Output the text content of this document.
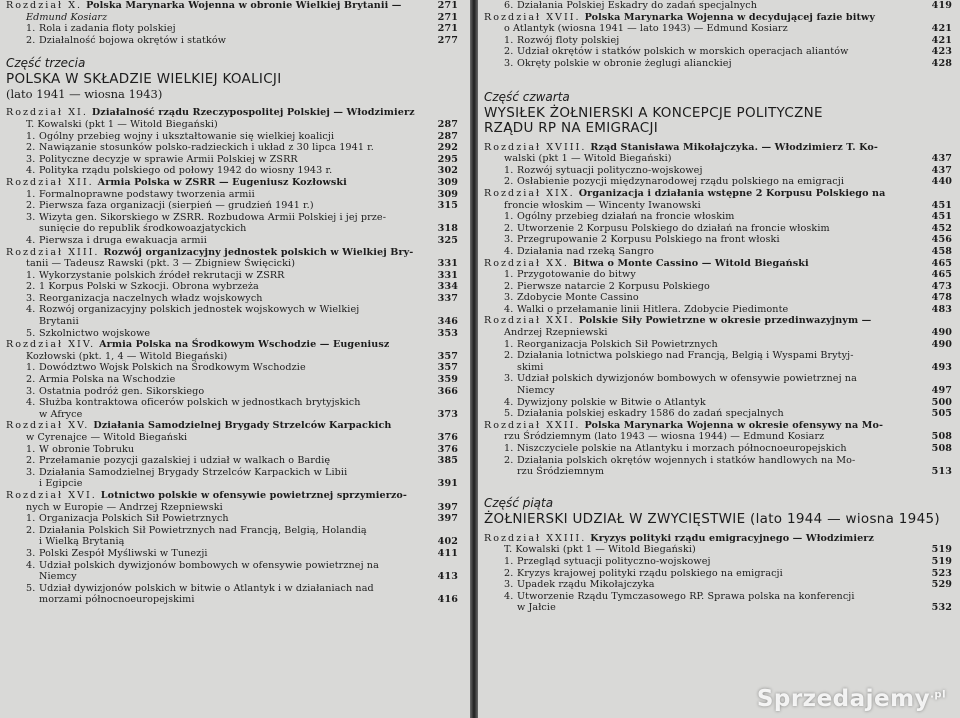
Rozdział X. Polska Marynarka Wojenna w obronie Wielkiej Brytanii —	271
Edmund Kosiarz	271
1. Rola i zadania floty polskiej	271
2. Działalność bojowa okrętów i statków	277
Część trzecia
POLSKA W SKŁADZIE WIELKIEJ KOALICJI
(lato 1941 — wiosna 1943)
Rozdział XI. Działalność rządu Rzeczypospolitej Polskiej — Włodzimierz
T. Kowalski (pkt 1 — Witold Biegański)	287
1. Ogólny przebieg wojny i ukształtowanie się wielkiej koalicji	287
2. Nawiązanie stosunków polsko-radzieckich i układ z 30 lipca 1941 r.	292
3. Polityczne decyzje w sprawie Armii Polskiej w ZSRR	295
4. Polityka rządu polskiego od połowy 1942 do wiosny 1943 r.	302
Rozdział XII. Armia Polska w ZSRR — Eugeniusz Kozłowski	309
1. Formalnoprawne podstawy tworzenia armii	309
2. Pierwsza faza organizacji (sierpień — grudzień 1941 r.)	315
3. Wizyta gen. Sikorskiego w ZSRR. Rozbudowa Armii Polskiej i jej prze-
sunięcie do republik środkowoazjatyckich	318
4. Pierwsza i druga ewakuacja armii	325
Rozdział XIII. Rozwój organizacyjny jednostek polskich w Wielkiej Bry-
tanii — Tadeusz Rawski (pkt. 3 — Zbigniew Święcicki)	331
1. Wykorzystanie polskich źródeł rekrutacji w ZSRR	331
2. 1 Korpus Polski w Szkocji. Obrona wybrzeża	334
3. Reorganizacja naczelnych władz wojskowych	337
4. Rozwój organizacyjny polskich jednostek wojskowych w Wielkiej
Brytanii	346
5. Szkolnictwo wojskowe	353
Rozdział XIV. Armia Polska na Środkowym Wschodzie — Eugeniusz
Kozłowski (pkt. 1, 4 — Witold Biegański)	357
1. Dowództwo Wojsk Polskich na Środkowym Wschodzie	357
2. Armia Polska na Wschodzie	359
3. Ostatnia podróż gen. Sikorskiego	366
4. Służba kontraktowa oficerów polskich w jednostkach brytyjskich
w Afryce	373
Rozdział XV. Działania Samodzielnej Brygady Strzelców Karpackich
w Cyrenajce — Witold Biegański	376
1. W obronie Tobruku	376
2. Przełamanie pozycji gazalskiej i udział w walkach o Bardię	385
3. Działania Samodzielnej Brygady Strzelców Karpackich w Libii
i Egipcie	391
Rozdział XVI. Lotnictwo polskie w ofensywie powietrznej sprzymierzo-
nych w Europie — Andrzej Rzepniewski	397
1. Organizacja Polskich Sił Powietrznych	397
2. Działania Polskich Sił Powietrznych nad Francją, Belgią, Holandią
i Wielką Brytanią	402
3. Polski Zespół Myśliwski w Tunezji	411
4. Udział polskich dywizjonów bombowych w ofensywie powietrznej na
Niemcy	413
5. Udział dywizjonów polskich w bitwie o Atlantyk i w działaniach nad
morzami północnoeuropejskimi	416
6. Działania Polskiej Eskadry do zadań specjalnych	419
Rozdział XVII. Polska Marynarka Wojenna w decydującej fazie bitwy
o Atlantyk (wiosna 1941 — lato 1943) — Edmund Kosiarz	421
1. Rozwój floty polskiej	421
2. Udział okrętów i statków polskich w morskich operacjach aliantów	423
3. Okręty polskie w obronie żeglugi alianckiej	428
Część czwarta
WYSIŁEK ŻOŁNIERSKI A KONCEPCJE POLITYCZNE
RZĄDU RP NA EMIGRACJI
Rozdział XVIII. Rząd Stanisława Mikołajczyka. — Włodzimierz T. Ko-
walski (pkt 1 — Witold Biegański)	437
1. Rozwój sytuacji polityczno-wojskowej	437
2. Osłabienie pozycji międzynarodowej rządu polskiego na emigracji	440
Rozdział XIX. Organizacja i działania wstępne 2 Korpusu Polskiego na
froncie włoskim — Wincenty Iwanowski	451
1. Ogólny przebieg działań na froncie włoskim	451
2. Utworzenie 2 Korpusu Polskiego do działań na froncie włoskim	452
3. Przegrupowanie 2 Korpusu Polskiego na front włoski	456
4. Działania nad rzeką Sangro	458
Rozdział XX. Bitwa o Monte Cassino — Witold Biegański	465
1. Przygotowanie do bitwy	465
2. Pierwsze natarcie 2 Korpusu Polskiego	473
3. Zdobycie Monte Cassino	478
4. Walki o przełamanie linii Hitlera. Zdobycie Piedimonte	483
Rozdział XXI. Polskie Siły Powietrzne w okresie przedinwazyjnym —
Andrzej Rzepniewski	490
1. Reorganizacja Polskich Sił Powietrznych	490
2. Działania lotnictwa polskiego nad Francją, Belgią i Wyspami Brytyj-
skimi	493
3. Udział polskich dywizjonów bombowych w ofensywie powietrznej na
Niemcy	497
4. Dywizjony polskie w Bitwie o Atlantyk	500
5. Działania polskiej eskadry 1586 do zadań specjalnych	505
Rozdział XXII. Polska Marynarka Wojenna w okresie ofensywy na Mo-
rzu Śródziemnym (lato 1943 — wiosna 1944) — Edmund Kosiarz	508
1. Niszczyciele polskie na Atlantyku i morzach północnoeuropejskich	508
2. Działania polskich okrętów wojennych i statków handlowych na Mo-
rzu Śródziemnym	513
Część piąta
ŻOŁNIERSKI UDZIAŁ W ZWYCIĘSTWIE (lato 1944 — wiosna 1945)
Rozdział XXIII. Kryzys polityki rządu emigracyjnego — Włodzimierz
T. Kowalski (pkt 1 — Witold Biegański)	519
1. Przegląd sytuacji polityczno-wojskowej	519
2. Kryzys krajowej polityki rządu polskiego na emigracji	523
3. Upadek rządu Mikołajczyka	529
4. Utworzenie Rządu Tymczasowego RP. Sprawa polska na konferencji
w Jałcie	532
Sprzedajemy$^{.pl}$
